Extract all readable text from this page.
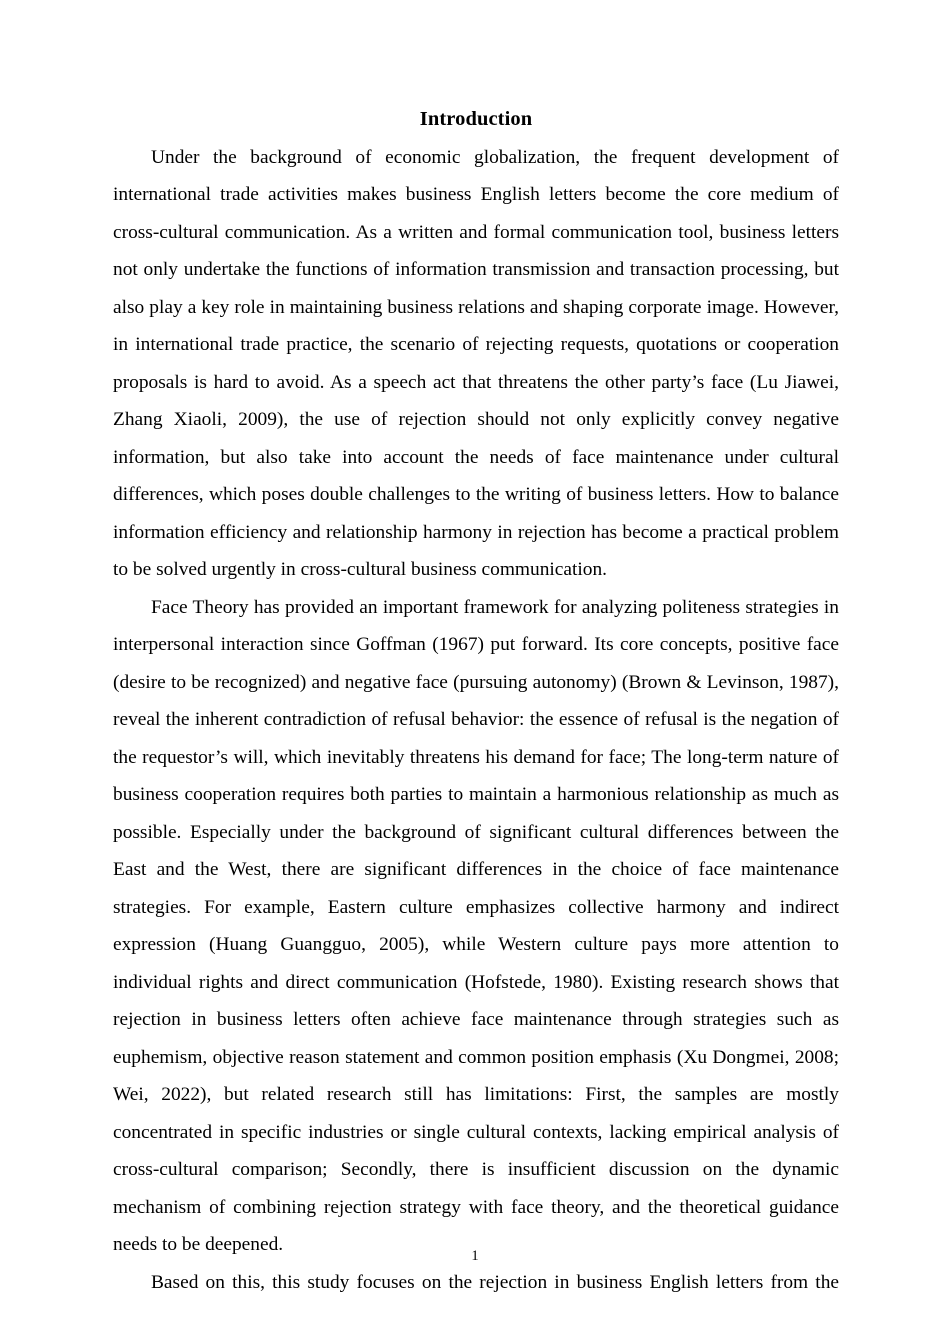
Introduction

Under the background of economic globalization, the frequent development of international trade activities makes business English letters become the core medium of cross-cultural communication. As a written and formal communication tool, business letters not only undertake the functions of information transmission and transaction processing, but also play a key role in maintaining business relations and shaping corporate image. However, in international trade practice, the scenario of rejecting requests, quotations or cooperation proposals is hard to avoid. As a speech act that threatens the other party’s face (Lu Jiawei, Zhang Xiaoli, 2009), the use of rejection should not only explicitly convey negative information, but also take into account the needs of face maintenance under cultural differences, which poses double challenges to the writing of business letters. How to balance information efficiency and relationship harmony in rejection has become a practical problem to be solved urgently in cross-cultural business communication.

Face Theory has provided an important framework for analyzing politeness strategies in interpersonal interaction since Goffman (1967) put forward. Its core concepts, positive face (desire to be recognized) and negative face (pursuing autonomy) (Brown & Levinson, 1987), reveal the inherent contradiction of refusal behavior: the essence of refusal is the negation of the requestor’s will, which inevitably threatens his demand for face; The long-term nature of business cooperation requires both parties to maintain a harmonious relationship as much as possible. Especially under the background of significant cultural differences between the East and the West, there are significant differences in the choice of face maintenance strategies. For example, Eastern culture emphasizes collective harmony and indirect expression (Huang Guangguo, 2005), while Western culture pays more attention to individual rights and direct communication (Hofstede, 1980). Existing research shows that rejection in business letters often achieve face maintenance through strategies such as euphemism, objective reason statement and common position emphasis (Xu Dongmei, 2008; Wei, 2022), but related research still has limitations: First, the samples are mostly concentrated in specific industries or single cultural contexts, lacking empirical analysis of cross-cultural comparison; Secondly, there is insufficient discussion on the dynamic mechanism of combining rejection strategy with face theory, and the theoretical guidance needs to be deepened.

Based on this, this study focuses on the rejection in business English letters from the

1
